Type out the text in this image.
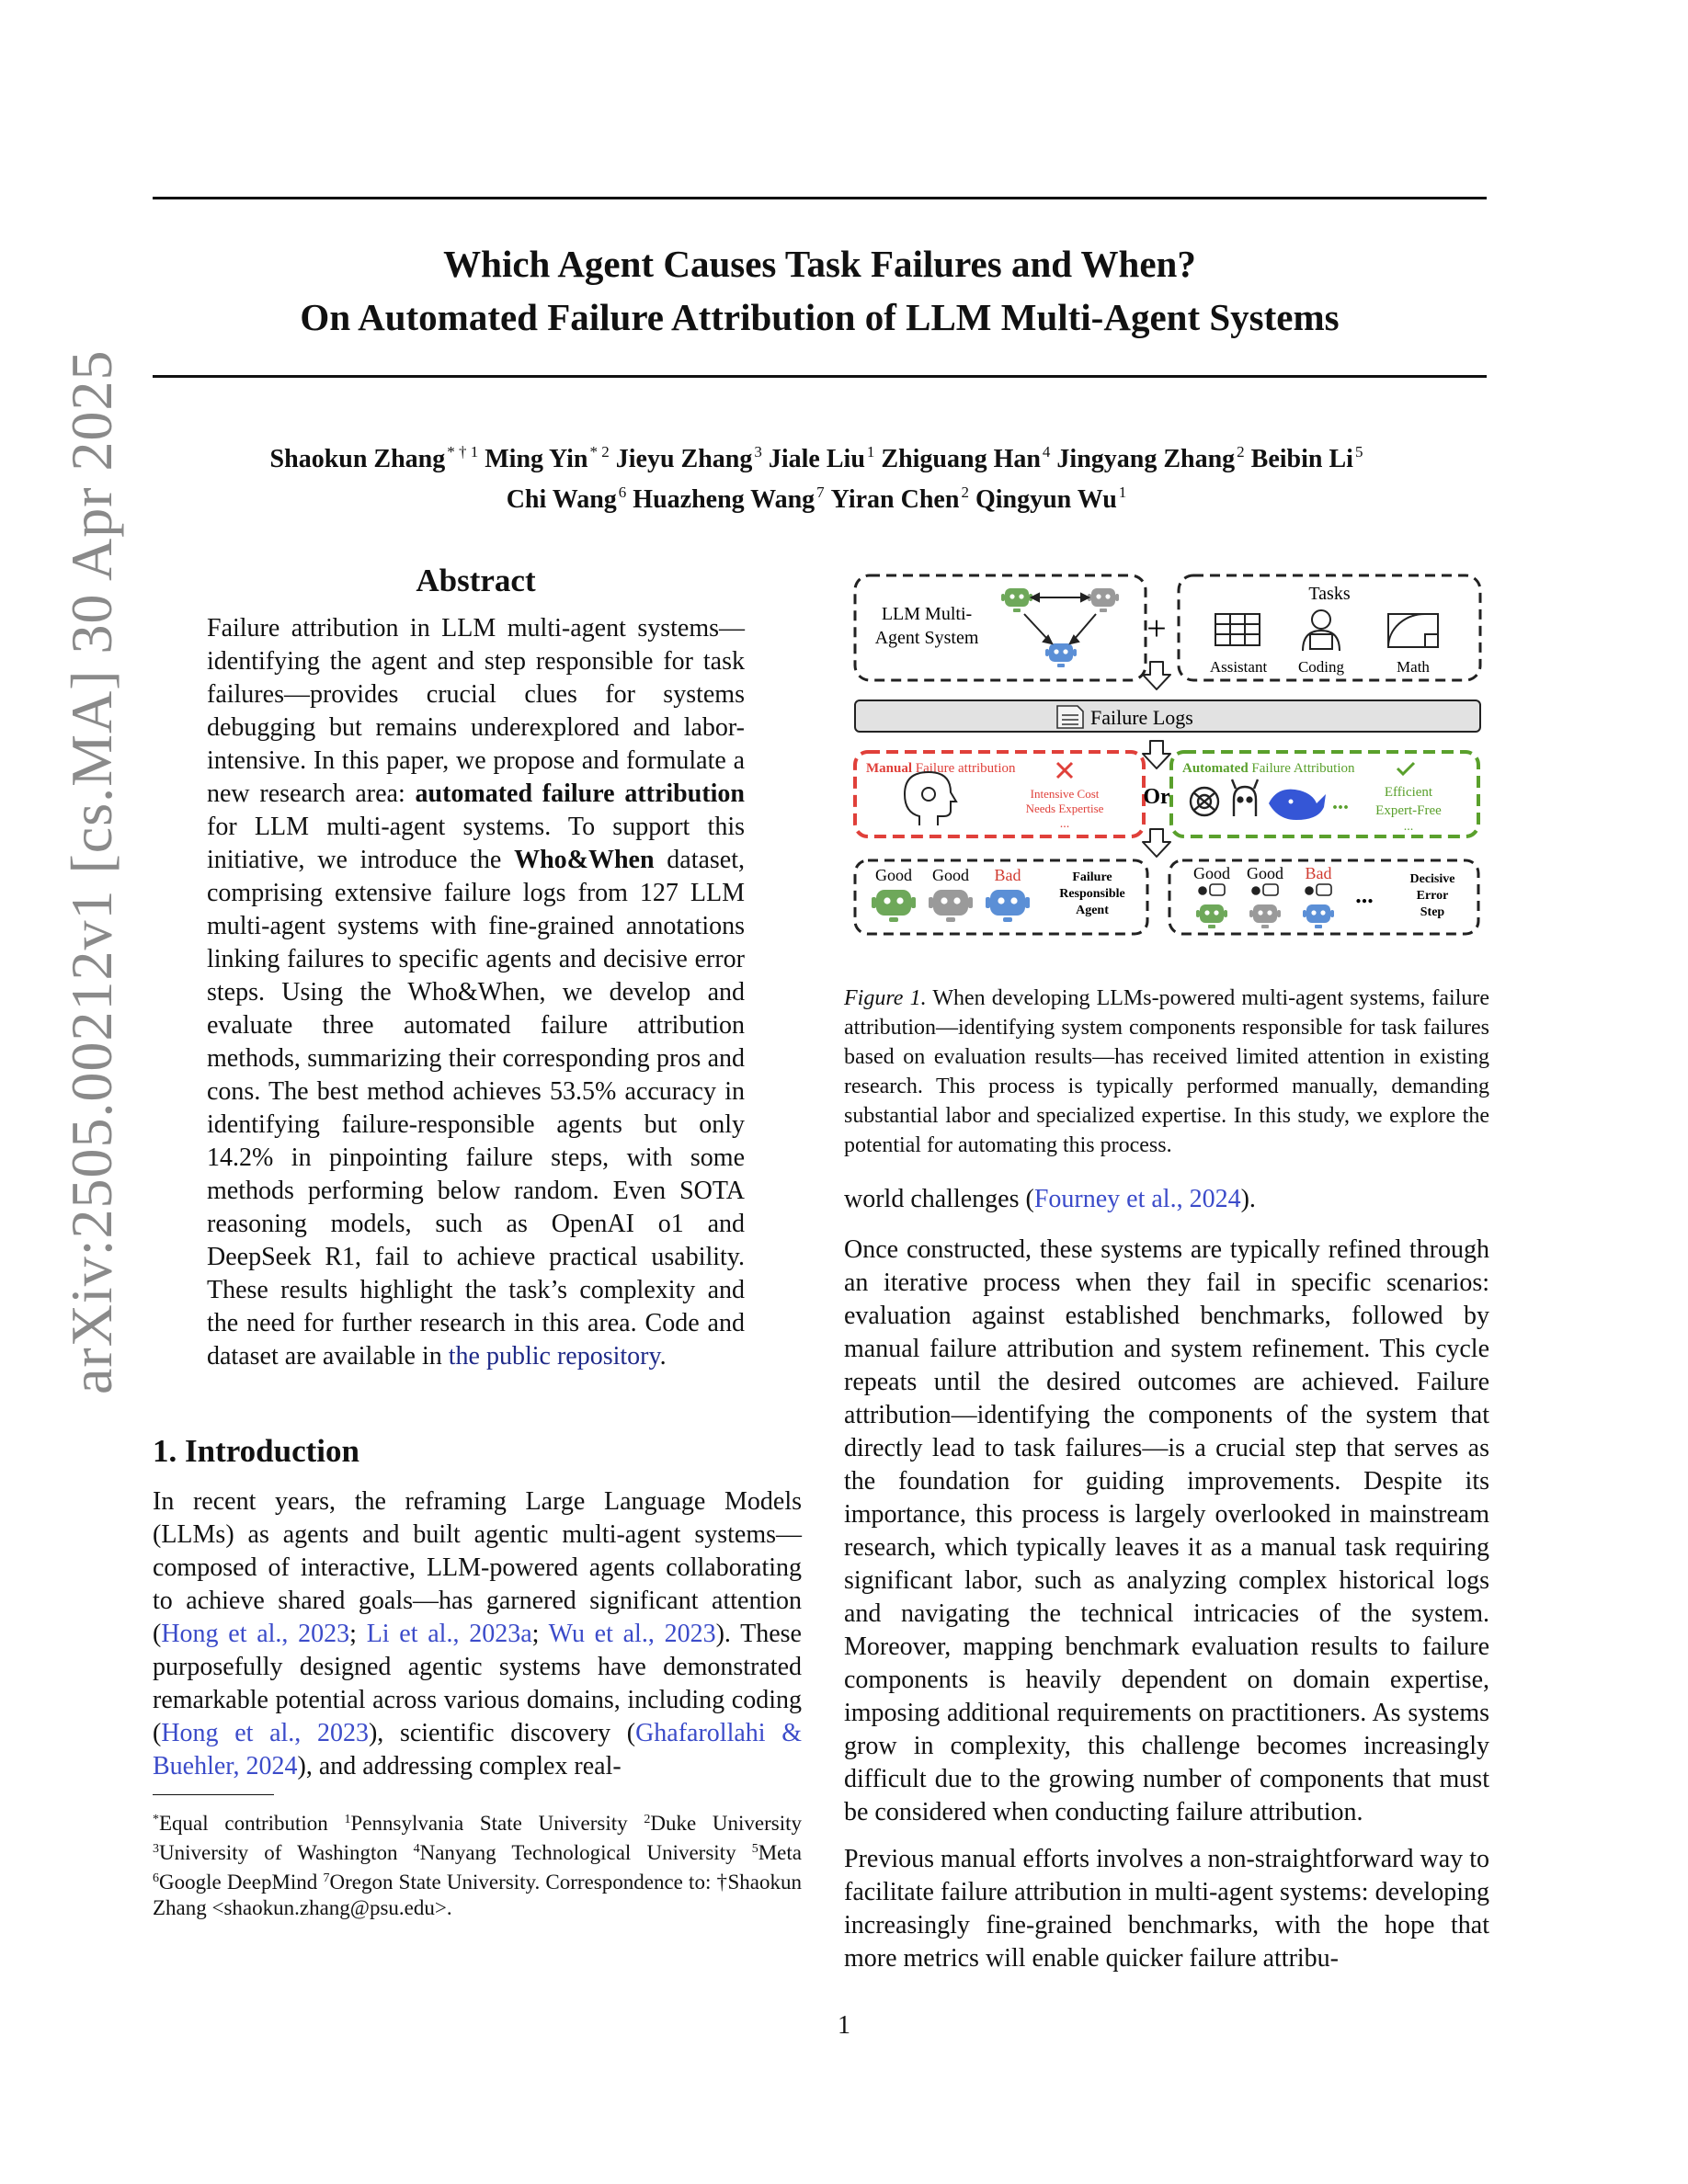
Which Agent Causes Task Failures and When?
On Automated Failure Attribution of LLM Multi-Agent Systems
Shaokun Zhang $^{* \dagger 1}$ Ming Yin $^{* 2}$ Jieyu Zhang $^3$ Jiale Liu $^1$ Zhiguang Han $^4$ Jingyang Zhang $^2$ Beibin Li $^5$
Chi Wang $^6$ Huazheng Wang $^7$ Yiran Chen $^2$ Qingyun Wu $^1$
arXiv:2505.00212v1 [cs.MA] 30 Apr 2025	Abstract
Failure attribution in LLM multi-agent systems—identifying the agent and step responsible for task failures—provides crucial clues for systems debugging but remains underexplored and labor-intensive. In this paper, we propose and formulate a new research area: automated failure attribution for LLM multi-agent systems. To support this initiative, we introduce the Who&When dataset, comprising extensive failure logs from 127 LLM multi-agent systems with fine-grained annotations linking failures to specific agents and decisive error steps. Using the Who&When, we develop and evaluate three automated failure attribution methods, summarizing their corresponding pros and cons. The best method achieves 53.5% accuracy in identifying failure-responsible agents but only 14.2% in pinpointing failure steps, with some methods performing below random. Even SOTA reasoning models, such as OpenAI o1 and DeepSeek R1, fail to achieve practical usability. These results highlight the task’s complexity and the need for further research in this area. Code and dataset are available in the public repository.
1. Introduction
In recent years, the reframing Large Language Models (LLMs) as agents and built agentic multi-agent systems—composed of interactive, LLM-powered agents collaborating to achieve shared goals—has garnered significant attention (Hong et al., 2023; Li et al., 2023a; Wu et al., 2023). These purposefully designed agentic systems have demonstrated remarkable potential across various domains, including coding (Hong et al., 2023), scientific discovery (Ghafarollahi & Buehler, 2024), and addressing complex real-
*Equal contribution $^1$Pennsylvania State University $^2$Duke University $^3$University of Washington $^4$Nanyang Technological University $^5$Meta $^6$Google DeepMind $^7$Oregon State University. Correspondence to: †Shaokun Zhang <shaokun.zhang@psu.edu>.
LLM Multi-
Agent System	+
Tasks
Assistant Coding	Math
Failure Logs
Manual Failure attribution
Intensive Cost
Needs Expertise
...
Or
Automated Failure Attribution
...	Efficient
Expert-Free
...
Good Good Bad	Failure
Responsible
Agent
Good Good Bad
...
Decisive
Error
Step
Figure 1. When developing LLMs-powered multi-agent systems, failure attribution—identifying system components responsible for task failures based on evaluation results—has received limited attention in existing research. This process is typically performed manually, demanding substantial labor and specialized expertise. In this study, we explore the potential for automating this process.
world challenges (Fourney et al., 2024).
Once constructed, these systems are typically refined through an iterative process when they fail in specific scenarios: evaluation against established benchmarks, followed by manual failure attribution and system refinement. This cycle repeats until the desired outcomes are achieved. Failure attribution—identifying the components of the system that directly lead to task failures—is a crucial step that serves as the foundation for guiding improvements. Despite its importance, this process is largely overlooked in mainstream research, which typically leaves it as a manual task requiring significant labor, such as analyzing complex historical logs and navigating the technical intricacies of the system. Moreover, mapping benchmark evaluation results to failure components is heavily dependent on domain expertise, imposing additional requirements on practitioners. As systems grow in complexity, this challenge becomes increasingly difficult due to the growing number of components that must be considered when conducting failure attribution.
Previous manual efforts involves a non-straightforward way to facilitate failure attribution in multi-agent systems: developing increasingly fine-grained benchmarks, with the hope that more metrics will enable quicker failure attribu-
1
